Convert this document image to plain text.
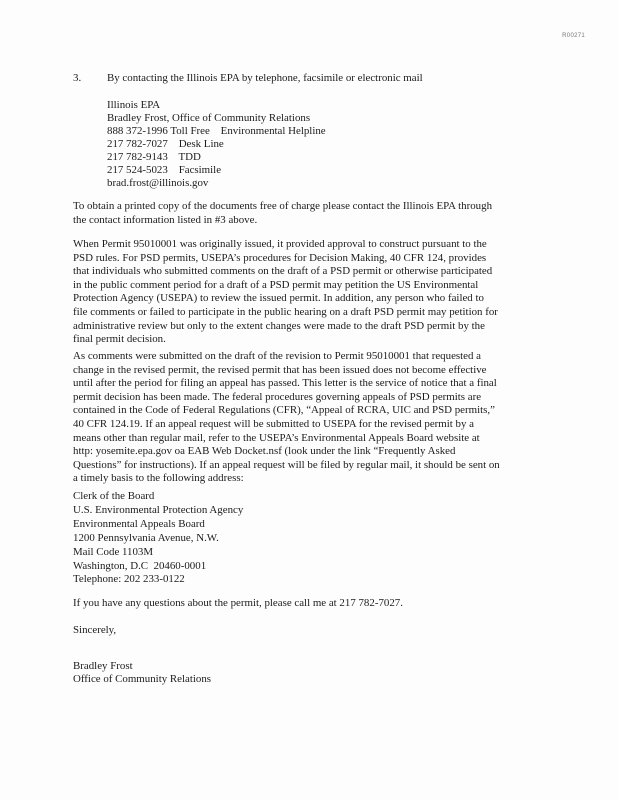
R00271
3. By contacting the Illinois EPA by telephone, facsimile or electronic mail
Illinois EPA
Bradley Frost, Office of Community Relations
888 372-1996 Toll Free    Environmental Helpline
217 782-7027    Desk Line
217 782-9143    TDD
217 524-5023    Facsimile
brad.frost@illinois.gov
To obtain a printed copy of the documents free of charge please contact the Illinois EPA through
the contact information listed in #3 above.
When Permit 95010001 was originally issued, it provided approval to construct pursuant to the
PSD rules. For PSD permits, USEPA’s procedures for Decision Making, 40 CFR 124, provides
that individuals who submitted comments on the draft of a PSD permit or otherwise participated
in the public comment period for a draft of a PSD permit may petition the US Environmental
Protection Agency (USEPA) to review the issued permit. In addition, any person who failed to
file comments or failed to participate in the public hearing on a draft PSD permit may petition for
administrative review but only to the extent changes were made to the draft PSD permit by the
final permit decision.
As comments were submitted on the draft of the revision to Permit 95010001 that requested a
change in the revised permit, the revised permit that has been issued does not become effective
until after the period for filing an appeal has passed. This letter is the service of notice that a final
permit decision has been made. The federal procedures governing appeals of PSD permits are
contained in the Code of Federal Regulations (CFR), “Appeal of RCRA, UIC and PSD permits,”
40 CFR 124.19. If an appeal request will be submitted to USEPA for the revised permit by a
means other than regular mail, refer to the USEPA’s Environmental Appeals Board website at
http: yosemite.epa.gov oa EAB Web Docket.nsf (look under the link “Frequently Asked
Questions” for instructions). If an appeal request will be filed by regular mail, it should be sent on
a timely basis to the following address:
Clerk of the Board
U.S. Environmental Protection Agency
Environmental Appeals Board
1200 Pennsylvania Avenue, N.W.
Mail Code 1103M
Washington, D.C  20460-0001
Telephone: 202 233-0122
If you have any questions about the permit, please call me at 217 782-7027.
Sincerely,
Bradley Frost
Office of Community Relations
